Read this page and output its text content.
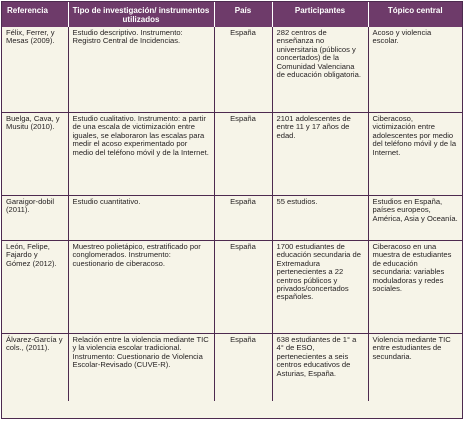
Referencia	Tipo de investigación/ instrumentos utilizados	País	Participantes	Tópico central
Félix, Ferrer, y Mesas (2009).	Estudio descriptivo. Instrumento: Registro Central de Incidencias.	España	282 centros de enseñanza no universitaria (públicos y concertados) de la Comunidad Valenciana de educación obligatoria.	Acoso y violencia escolar.
Buelga, Cava, y Musitu (2010).	Estudio cualitativo. Instrumento: a partir de una escala de victimización entre iguales, se elaboraron las escalas para medir el acoso experimentado por medio del teléfono móvil y de la Internet.	España	2101 adolescentes de entre 11 y 17 años de edad.	Ciberacoso, victimización entre adolescentes por medio del teléfono móvil y de la Internet.
Garaigor-dobil (2011).	Estudio cuantitativo.	España	55 estudios.	Estudios en España, países europeos, América, Asia y Oceanía.
León, Felipe, Fajardo y Gómez (2012).	Muestreo polietápico, estratificado por conglomerados. Instrumento: cuestionario de ciberacoso.	España	1700 estudiantes de educación secundaria de Extremadura pertenecientes a 22 centros públicos y privados/concertados españoles.	Ciberacoso en una muestra de estudiantes de educación secundaria: variables moduladoras y redes sociales.
Álvarez-García y cols., (2011).	Relación entre la violencia mediante TIC y la violencia escolar tradicional. Instrumento: Cuestionario de Violencia Escolar-Revisado (CUVE-R).	España	638 estudiantes de 1° a 4° de ESO, pertenecientes a seis centros educativos de Asturias, España.	Violencia mediante TIC entre estudiantes de secundaria.
